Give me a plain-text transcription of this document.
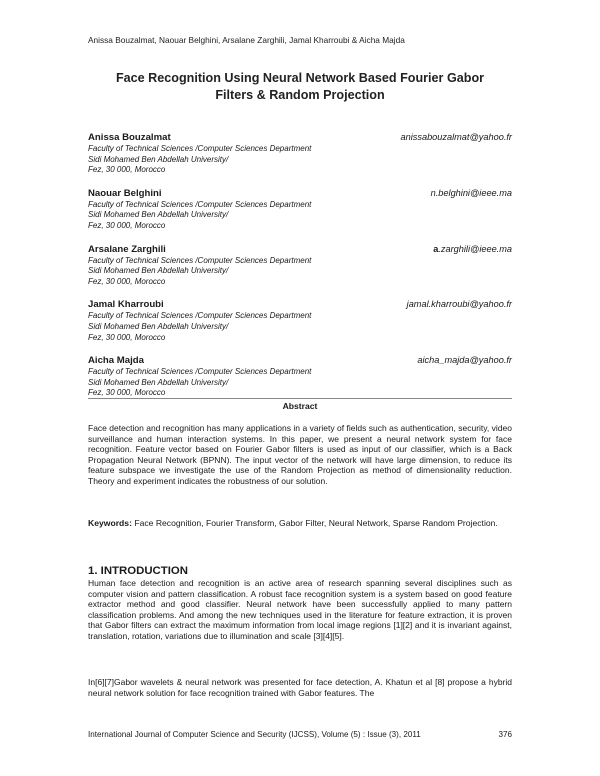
Anissa Bouzalmat, Naouar Belghini, Arsalane Zarghili, Jamal Kharroubi & Aicha Majda
Face Recognition Using Neural Network Based Fourier Gabor
Filters & Random Projection
Anissa Bouzalmat	anissabouzalmat@yahoo.fr
Faculty of Technical Sciences /Computer Sciences Department
Sidi Mohamed Ben Abdellah University/
Fez, 30 000, Morocco
Naouar Belghini	n.belghini@ieee.ma
Faculty of Technical Sciences /Computer Sciences Department
Sidi Mohamed Ben Abdellah University/
Fez, 30 000, Morocco
Arsalane Zarghili	a.zarghili@ieee.ma
Faculty of Technical Sciences /Computer Sciences Department
Sidi Mohamed Ben Abdellah University/
Fez, 30 000, Morocco
Jamal Kharroubi	jamal.kharroubi@yahoo.fr
Faculty of Technical Sciences /Computer Sciences Department
Sidi Mohamed Ben Abdellah University/
Fez, 30 000, Morocco
Aicha Majda	aicha_majda@yahoo.fr
Faculty of Technical Sciences /Computer Sciences Department
Sidi Mohamed Ben Abdellah University/
Fez, 30 000, Morocco
Abstract
Face detection and recognition has many applications in a variety of fields such as authentication, security, video surveillance and human interaction systems. In this paper, we present a neural network system for face recognition. Feature vector based on Fourier Gabor filters is used as input of our classifier, which is a Back Propagation Neural Network (BPNN). The input vector of the network will have large dimension, to reduce its feature subspace we investigate the use of the Random Projection as method of dimensionality reduction. Theory and experiment indicates the robustness of our solution.
Keywords: Face Recognition, Fourier Transform, Gabor Filter, Neural Network, Sparse Random Projection.
1. INTRODUCTION
Human face detection and recognition is an active area of research spanning several disciplines such as computer vision and pattern classification. A robust face recognition system is a system based on good feature extractor method and good classifier. Neural network have been successfully applied to many pattern classification problems. And among the new techniques used in the literature for feature extraction, it is proven that Gabor filters can extract the maximum information from local image regions [1][2] and it is invariant against, translation, rotation, variations due to illumination and scale [3][4][5].
In[6][7]Gabor wavelets & neural network was presented for face detection, A. Khatun et al [8] propose a hybrid neural network solution for face recognition trained with Gabor features. The
International Journal of Computer Science and Security (IJCSS), Volume (5) : Issue (3), 2011	376
